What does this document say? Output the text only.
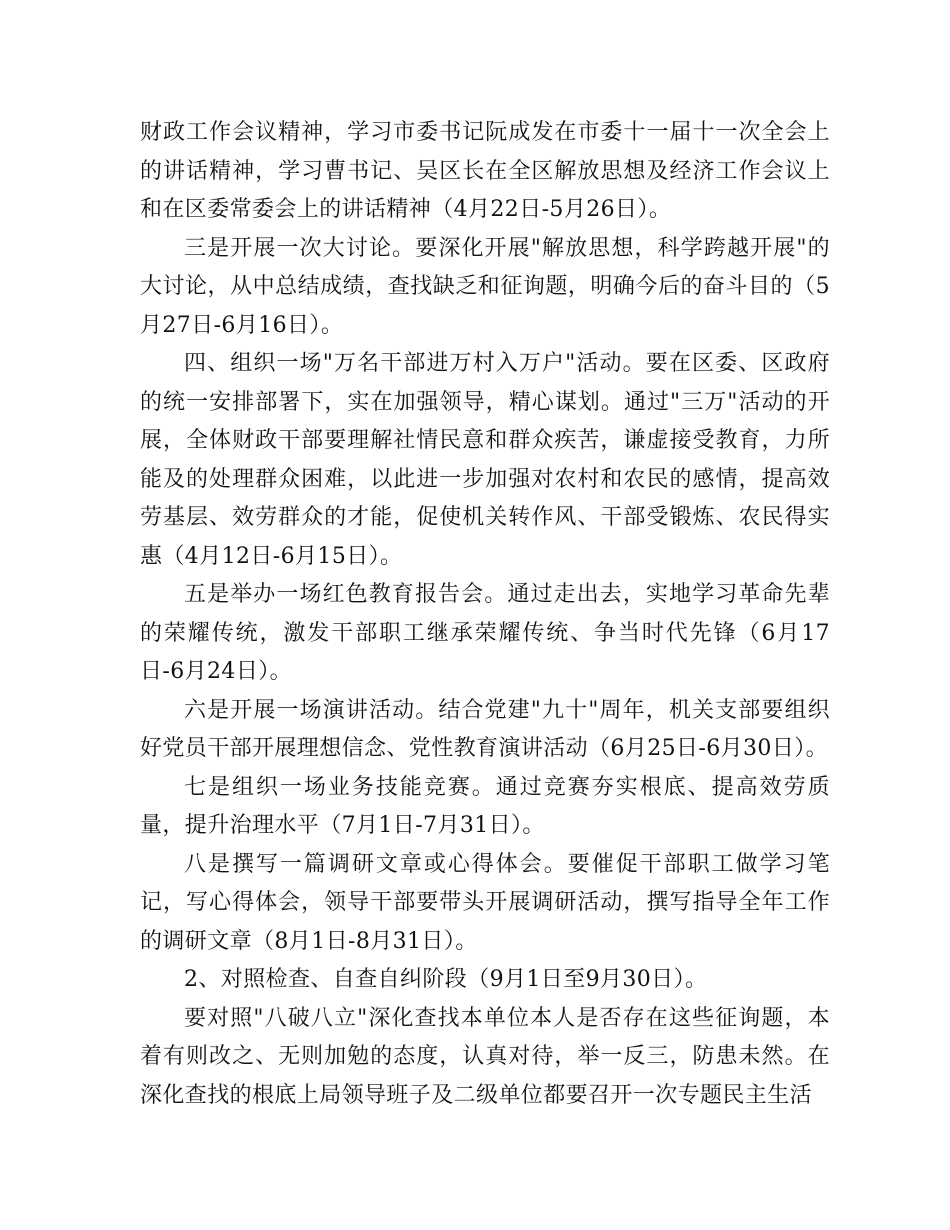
财政工作会议精神，学习市委书记阮成发在市委十一届十一次全会上的讲话精神，学习曹书记、吴区长在全区解放思想及经济工作会议上和在区委常委会上的讲话精神（4月22日-5月26日）。

三是开展一次大讨论。要深化开展"解放思想，科学跨越开展"的大讨论，从中总结成绩，查找缺乏和征询题，明确今后的奋斗目的（5月27日-6月16日）。

四、组织一场"万名干部进万村入万户"活动。要在区委、区政府的统一安排部署下，实在加强领导，精心谋划。通过"三万"活动的开展，全体财政干部要理解社情民意和群众疾苦，谦虚接受教育，力所能及的处理群众困难，以此进一步加强对农村和农民的感情，提高效劳基层、效劳群众的才能，促使机关转作风、干部受锻炼、农民得实惠（4月12日-6月15日）。

五是举办一场红色教育报告会。通过走出去，实地学习革命先辈的荣耀传统，激发干部职工继承荣耀传统、争当时代先锋（6月17日-6月24日）。

六是开展一场演讲活动。结合党建"九十"周年，机关支部要组织好党员干部开展理想信念、党性教育演讲活动（6月25日-6月30日）。

七是组织一场业务技能竞赛。通过竞赛夯实根底、提高效劳质量，提升治理水平（7月1日-7月31日）。

八是撰写一篇调研文章或心得体会。要催促干部职工做学习笔记，写心得体会，领导干部要带头开展调研活动，撰写指导全年工作的调研文章（8月1日-8月31日）。

2、对照检查、自查自纠阶段（9月1日至9月30日）。

要对照"八破八立"深化查找本单位本人是否存在这些征询题，本着有则改之、无则加勉的态度，认真对待，举一反三，防患未然。在深化查找的根底上局领导班子及二级单位都要召开一次专题民主生活
